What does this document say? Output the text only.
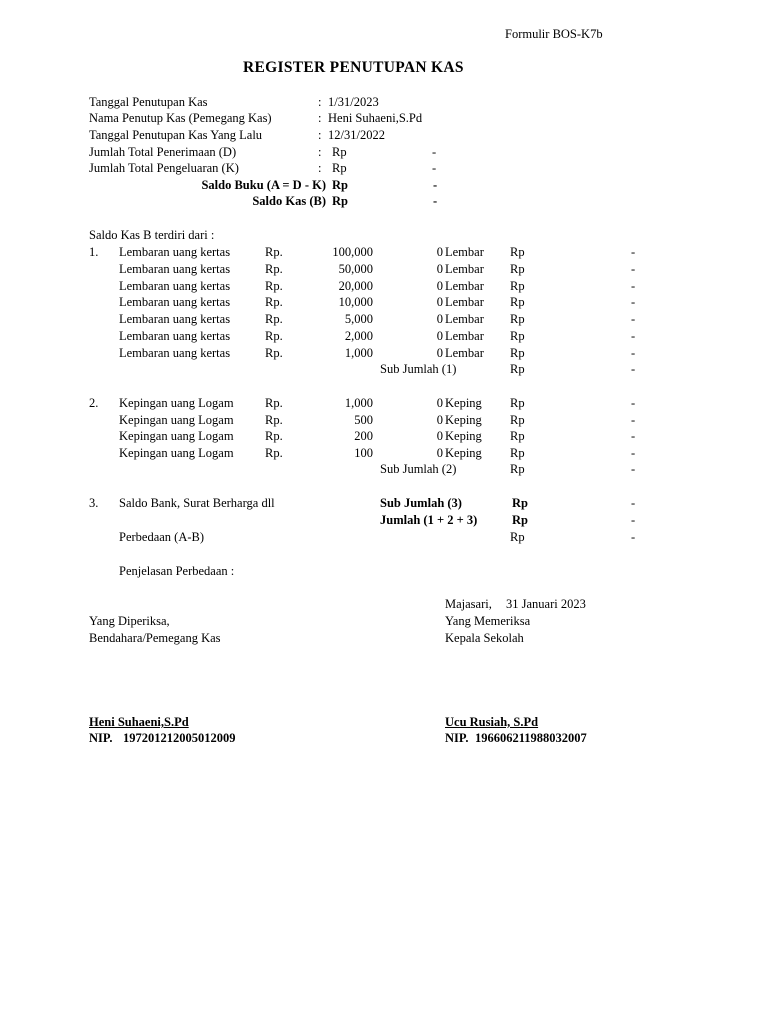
Formulir BOS-K7b
REGISTER PENUTUPAN KAS
Tanggal Penutupan Kas	: 1/31/2023
Nama Penutup Kas (Pemegang Kas)	: Heni Suhaeni,S.Pd
Tanggal Penutupan Kas Yang Lalu	: 12/31/2022
Jumlah Total Penerimaan (D)	: Rp	-
Jumlah Total Pengeluaran (K)	: Rp	-
Saldo Buku (A = D - K) Rp	-
Saldo Kas (B) Rp	-
Saldo Kas B terdiri dari :
1. Lembaran uang kertas	Rp.	100,000	0 Lembar Rp	-
Lembaran uang kertas	Rp.	50,000	0 Lembar Rp	-
Lembaran uang kertas	Rp.	20,000	0 Lembar Rp	-
Lembaran uang kertas	Rp.	10,000	0 Lembar Rp	-
Lembaran uang kertas	Rp.	5,000	0 Lembar Rp	-
Lembaran uang kertas	Rp.	2,000	0 Lembar Rp	-
Lembaran uang kertas	Rp.	1,000	0 Lembar Rp	-
Sub Jumlah (1)	Rp	-
2. Kepingan uang Logam	Rp.	1,000	0 Keping Rp	-
Kepingan uang Logam	Rp.	500	0 Keping Rp	-
Kepingan uang Logam	Rp.	200	0 Keping Rp	-
Kepingan uang Logam	Rp.	100	0 Keping Rp	-
Sub Jumlah (2)	Rp	-
3. Saldo Bank, Surat Berharga dll	Sub Jumlah (3)	Rp	-
Jumlah (1 + 2 + 3)	Rp	-
Perbedaan (A-B)	Rp	-
Penjelasan Perbedaan :
Majasari, 31 Januari 2023
Yang Diperiksa,
Bendahara/Pemegang Kas
Yang Memeriksa
Kepala Sekolah
Heni Suhaeni,S.Pd
NIP. 197201212005012009
Ucu Rusiah, S.Pd
NIP. 196606211988032007
